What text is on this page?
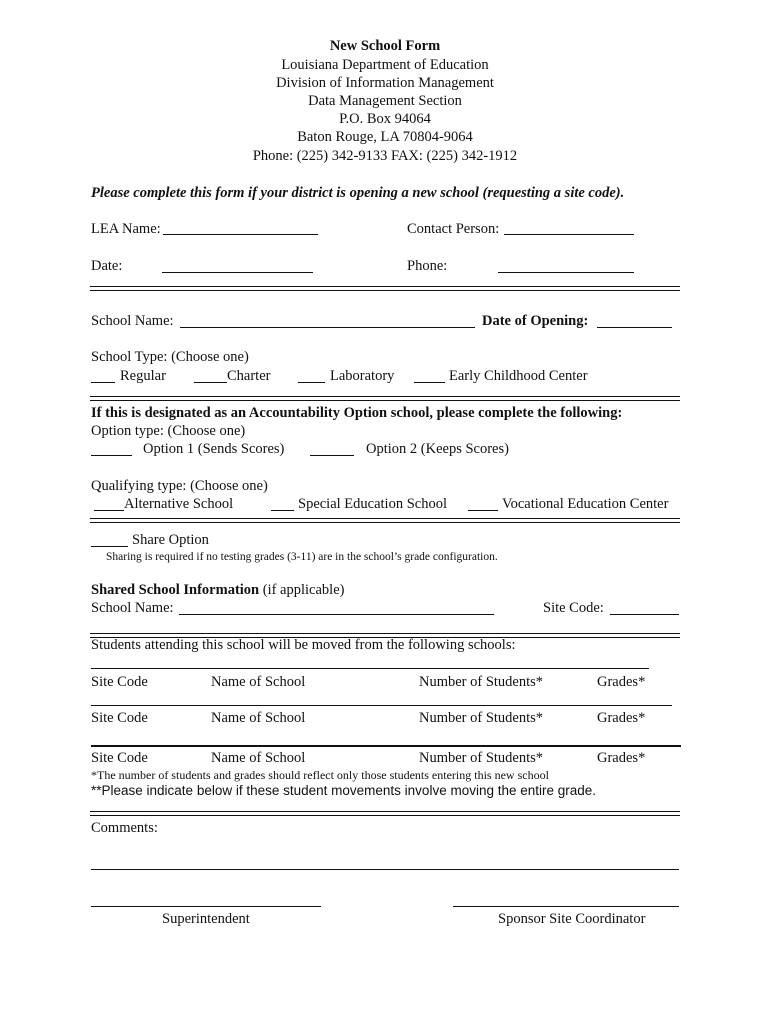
New School Form
Louisiana Department of Education
Division of Information Management
Data Management Section
P.O. Box 94064
Baton Rouge, LA 70804-9064
Phone: (225) 342-9133 FAX: (225) 342-1912
Please complete this form if your district is opening a new school (requesting a site code).
LEA Name:	Contact Person:
Date:	Phone:
School Name:	Date of Opening:
School Type: (Choose one)
Regular	Charter	Laboratory	Early Childhood Center
If this is designated as an Accountability Option school, please complete the following:
Option type: (Choose one)
Option 1 (Sends Scores)	Option 2 (Keeps Scores)
Qualifying type: (Choose one)
Alternative School	Special Education School	Vocational Education Center
Share Option
Sharing is required if no testing grades (3-11) are in the school’s grade configuration.
Shared School Information (if applicable)
School Name:	Site Code:
Students attending this school will be moved from the following schools:
Site Code	Name of School	Number of Students*	Grades*
Site Code	Name of School	Number of Students*	Grades*
Site Code	Name of School	Number of Students*	Grades*
*The number of students and grades should reflect only those students entering this new school
**Please indicate below if these student movements involve moving the entire grade.
Comments:
Superintendent	Sponsor Site Coordinator
